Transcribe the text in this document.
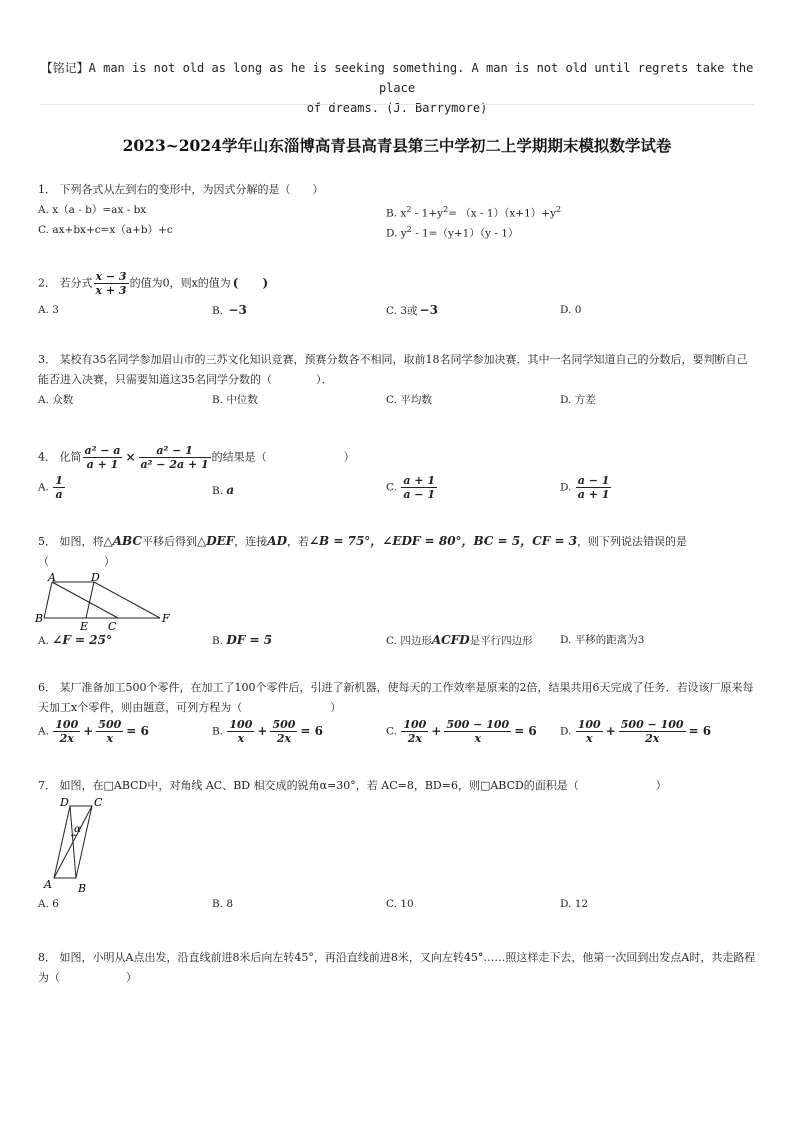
【铭记】A man is not old as long as he is seeking something. A man is not old until regrets take the place
of dreams. (J. Barrymore)
2023~2024学年山东淄博高青县高青县第三中学初二上学期期末模拟数学试卷
1． 下列各式从左到右的变形中，为因式分解的是（　　）
A. x（a - b）=ax - bx	B. $x^2 - 1+y^2= (x - 1)(x+1)+y^2$
C. ax+bx+c=x（a+b）+c	D. $y^2 - 1=(y+1)(y - 1)$
2． 若分式 $\frac{x - 3}{x + 3}$ 的值为0，则x的值为 (　　)
A. 3	B. −3	C. 3或 −3	D. 0
3． 某校有35名同学参加眉山市的三苏文化知识竞赛，预赛分数各不相同，取前18名同学参加决赛．其中一名同学知道自己的分数后，要判断自己能否进入决赛，只需要知道这35名同学分数的（　　　　）．
A. 众数	B. 中位数	C. 平均数	D. 方差
4． 化简 $\frac{\text{a² − a}}{a + 1} \times \frac{\text{a² − 1}}{\text{a² − 2a + 1}}$ 的结果是（　　　　　　　）
A. $\frac{1}{a}$	B. a	C. $\frac{a + 1}{a - 1}$	D. $\frac{a - 1}{a + 1}$
5． 如图，将△ABC平移后得到△DEF，连接AD，若∠B = 75°，∠EDF = 80°，BC = 5，CF = 3，则下列说法错误的是
（　　　　　）
A	D
B
E C
F
A. ∠F = 25°	B. DF = 5	C. 四边形ACFD是平行四边形	D. 平移的距离为3
6． 某厂准备加工500个零件，在加工了100个零件后，引进了新机器，使每天的工作效率是原来的2倍，结果共用6天完成了任务．若设该厂原来每天加工x个零件，则由题意，可列方程为（　　　　　　　　）
A. $\frac{100}{2x} + \frac{500}{x} = 6$	B. $\frac{100}{x} + \frac{500}{2x} = 6$	C. $\frac{100}{2x} + \frac{500 - 100}{x} = 6$ D. $\frac{100}{x} + \frac{500 - 100}{2x} = 6$
7． 如图，在□ABCD中，对角线 AC、BD 相交成的锐角α=30°，若 AC=8，BD=6，则□ABCD的面积是（　　　　　　　）
D C
A B
α
A. 6	B. 8	C. 10	D. 12
8． 如图，小明从A点出发，沿直线前进8米后向左转45°，再沿直线前进8米，又向左转45°……照这样走下去，他第一次回到出发点A时，共走路程为（　　　　　　）
